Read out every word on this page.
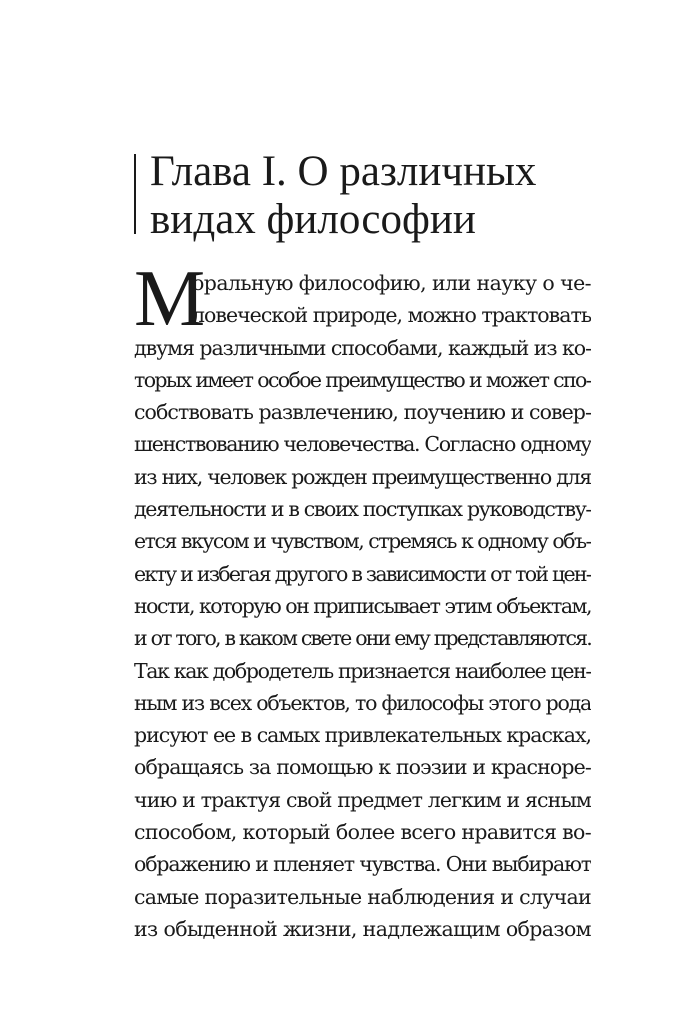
Глава I. О различных
видах философии
М
оральную философию, или науку о че-
ловеческой природе, можно трактовать
двумя различными способами, каждый из ко-
торых имеет особое преимущество и может спо-
собствовать развлечению, поучению и совер-
шенствованию человечества. Согласно одному
из них, человек рожден преимущественно для
деятельности и в своих поступках руководству-
ется вкусом и чувством, стремясь к одному объ-
екту и избегая другого в зависимости от той цен-
ности, которую он приписывает этим объектам,
и от того, в каком свете они ему представляются.
Так как добродетель признается наиболее цен-
ным из всех объектов, то философы этого рода
рисуют ее в самых привлекательных красках,
обращаясь за помощью к поэзии и красноре-
чию и трактуя свой предмет легким и ясным
способом, который более всего нравится во-
ображению и пленяет чувства. Они выбирают
самые поразительные наблюдения и случаи
из обыденной жизни, надлежащим образом
